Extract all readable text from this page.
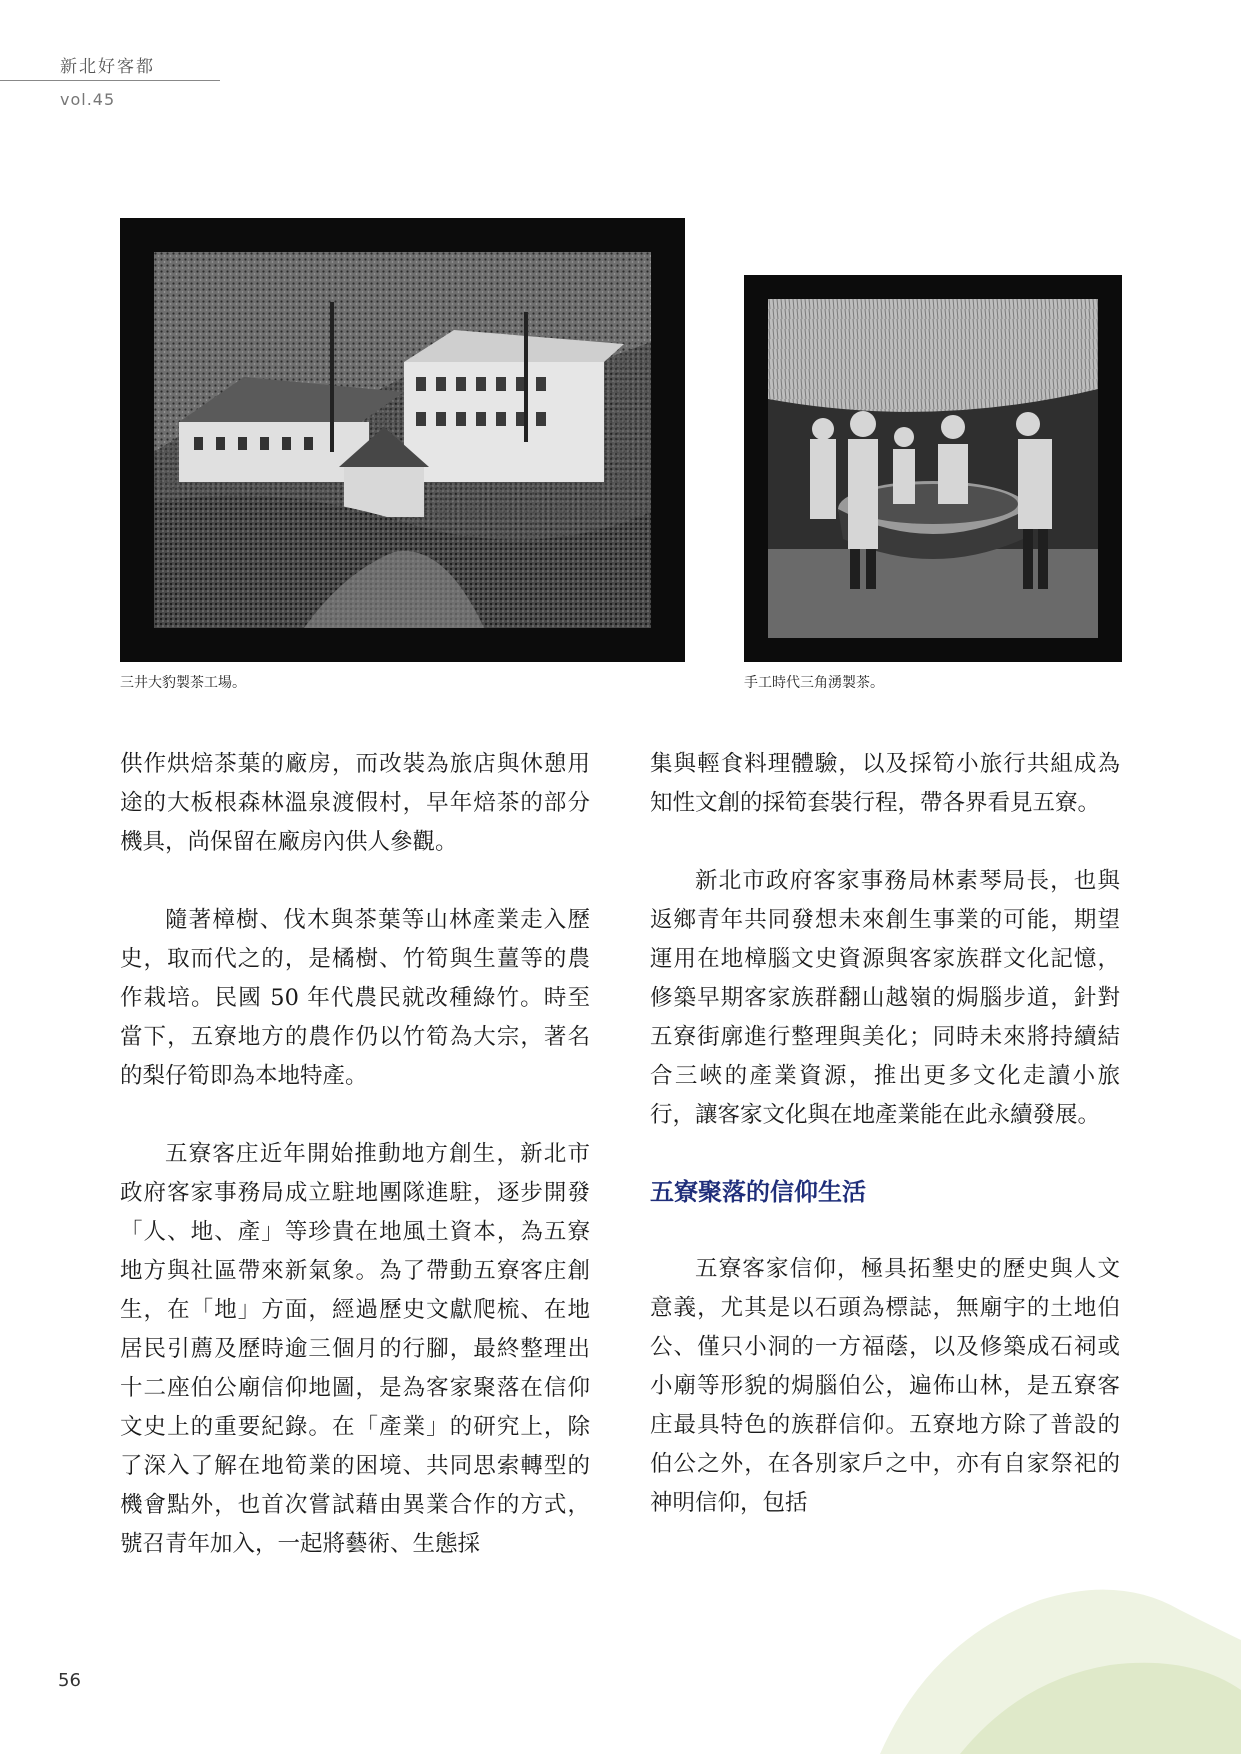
新北好客都
vol.45
三井大豹製茶工場。	手工時代三角湧製茶。

供作烘焙茶葉的廠房，而改裝為旅店與休憩用途的大板根森林溫泉渡假村，早年焙茶的部分機具，尚保留在廠房內供人參觀。

隨著樟樹、伐木與茶葉等山林產業走入歷史，取而代之的，是橘樹、竹筍與生薑等的農作栽培。民國 50 年代農民就改種綠竹。時至當下，五寮地方的農作仍以竹筍為大宗，著名的梨仔筍即為本地特產。

五寮客庄近年開始推動地方創生，新北市政府客家事務局成立駐地團隊進駐，逐步開發「人、地、產」等珍貴在地風土資本，為五寮地方與社區帶來新氣象。為了帶動五寮客庄創生，在「地」方面，經過歷史文獻爬梳、在地居民引薦及歷時逾三個月的行腳，最終整理出十二座伯公廟信仰地圖，是為客家聚落在信仰文史上的重要紀錄。在「產業」的研究上，除了深入了解在地筍業的困境、共同思索轉型的機會點外，也首次嘗試藉由異業合作的方式，號召青年加入，一起將藝術、生態採

集與輕食料理體驗，以及採筍小旅行共組成為知性文創的採筍套裝行程，帶各界看見五寮。

新北市政府客家事務局林素琴局長，也與返鄉青年共同發想未來創生事業的可能，期望運用在地樟腦文史資源與客家族群文化記憶，修築早期客家族群翻山越嶺的焗腦步道，針對五寮街廓進行整理與美化；同時未來將持續結合三峽的產業資源，推出更多文化走讀小旅行，讓客家文化與在地產業能在此永續發展。

五寮聚落的信仰生活

五寮客家信仰，極具拓墾史的歷史與人文意義，尤其是以石頭為標誌，無廟宇的土地伯公、僅只小洞的一方福蔭，以及修築成石祠或小廟等形貌的焗腦伯公，遍佈山林，是五寮客庄最具特色的族群信仰。五寮地方除了普設的伯公之外，在各別家戶之中，亦有自家祭祀的神明信仰，包括

56
